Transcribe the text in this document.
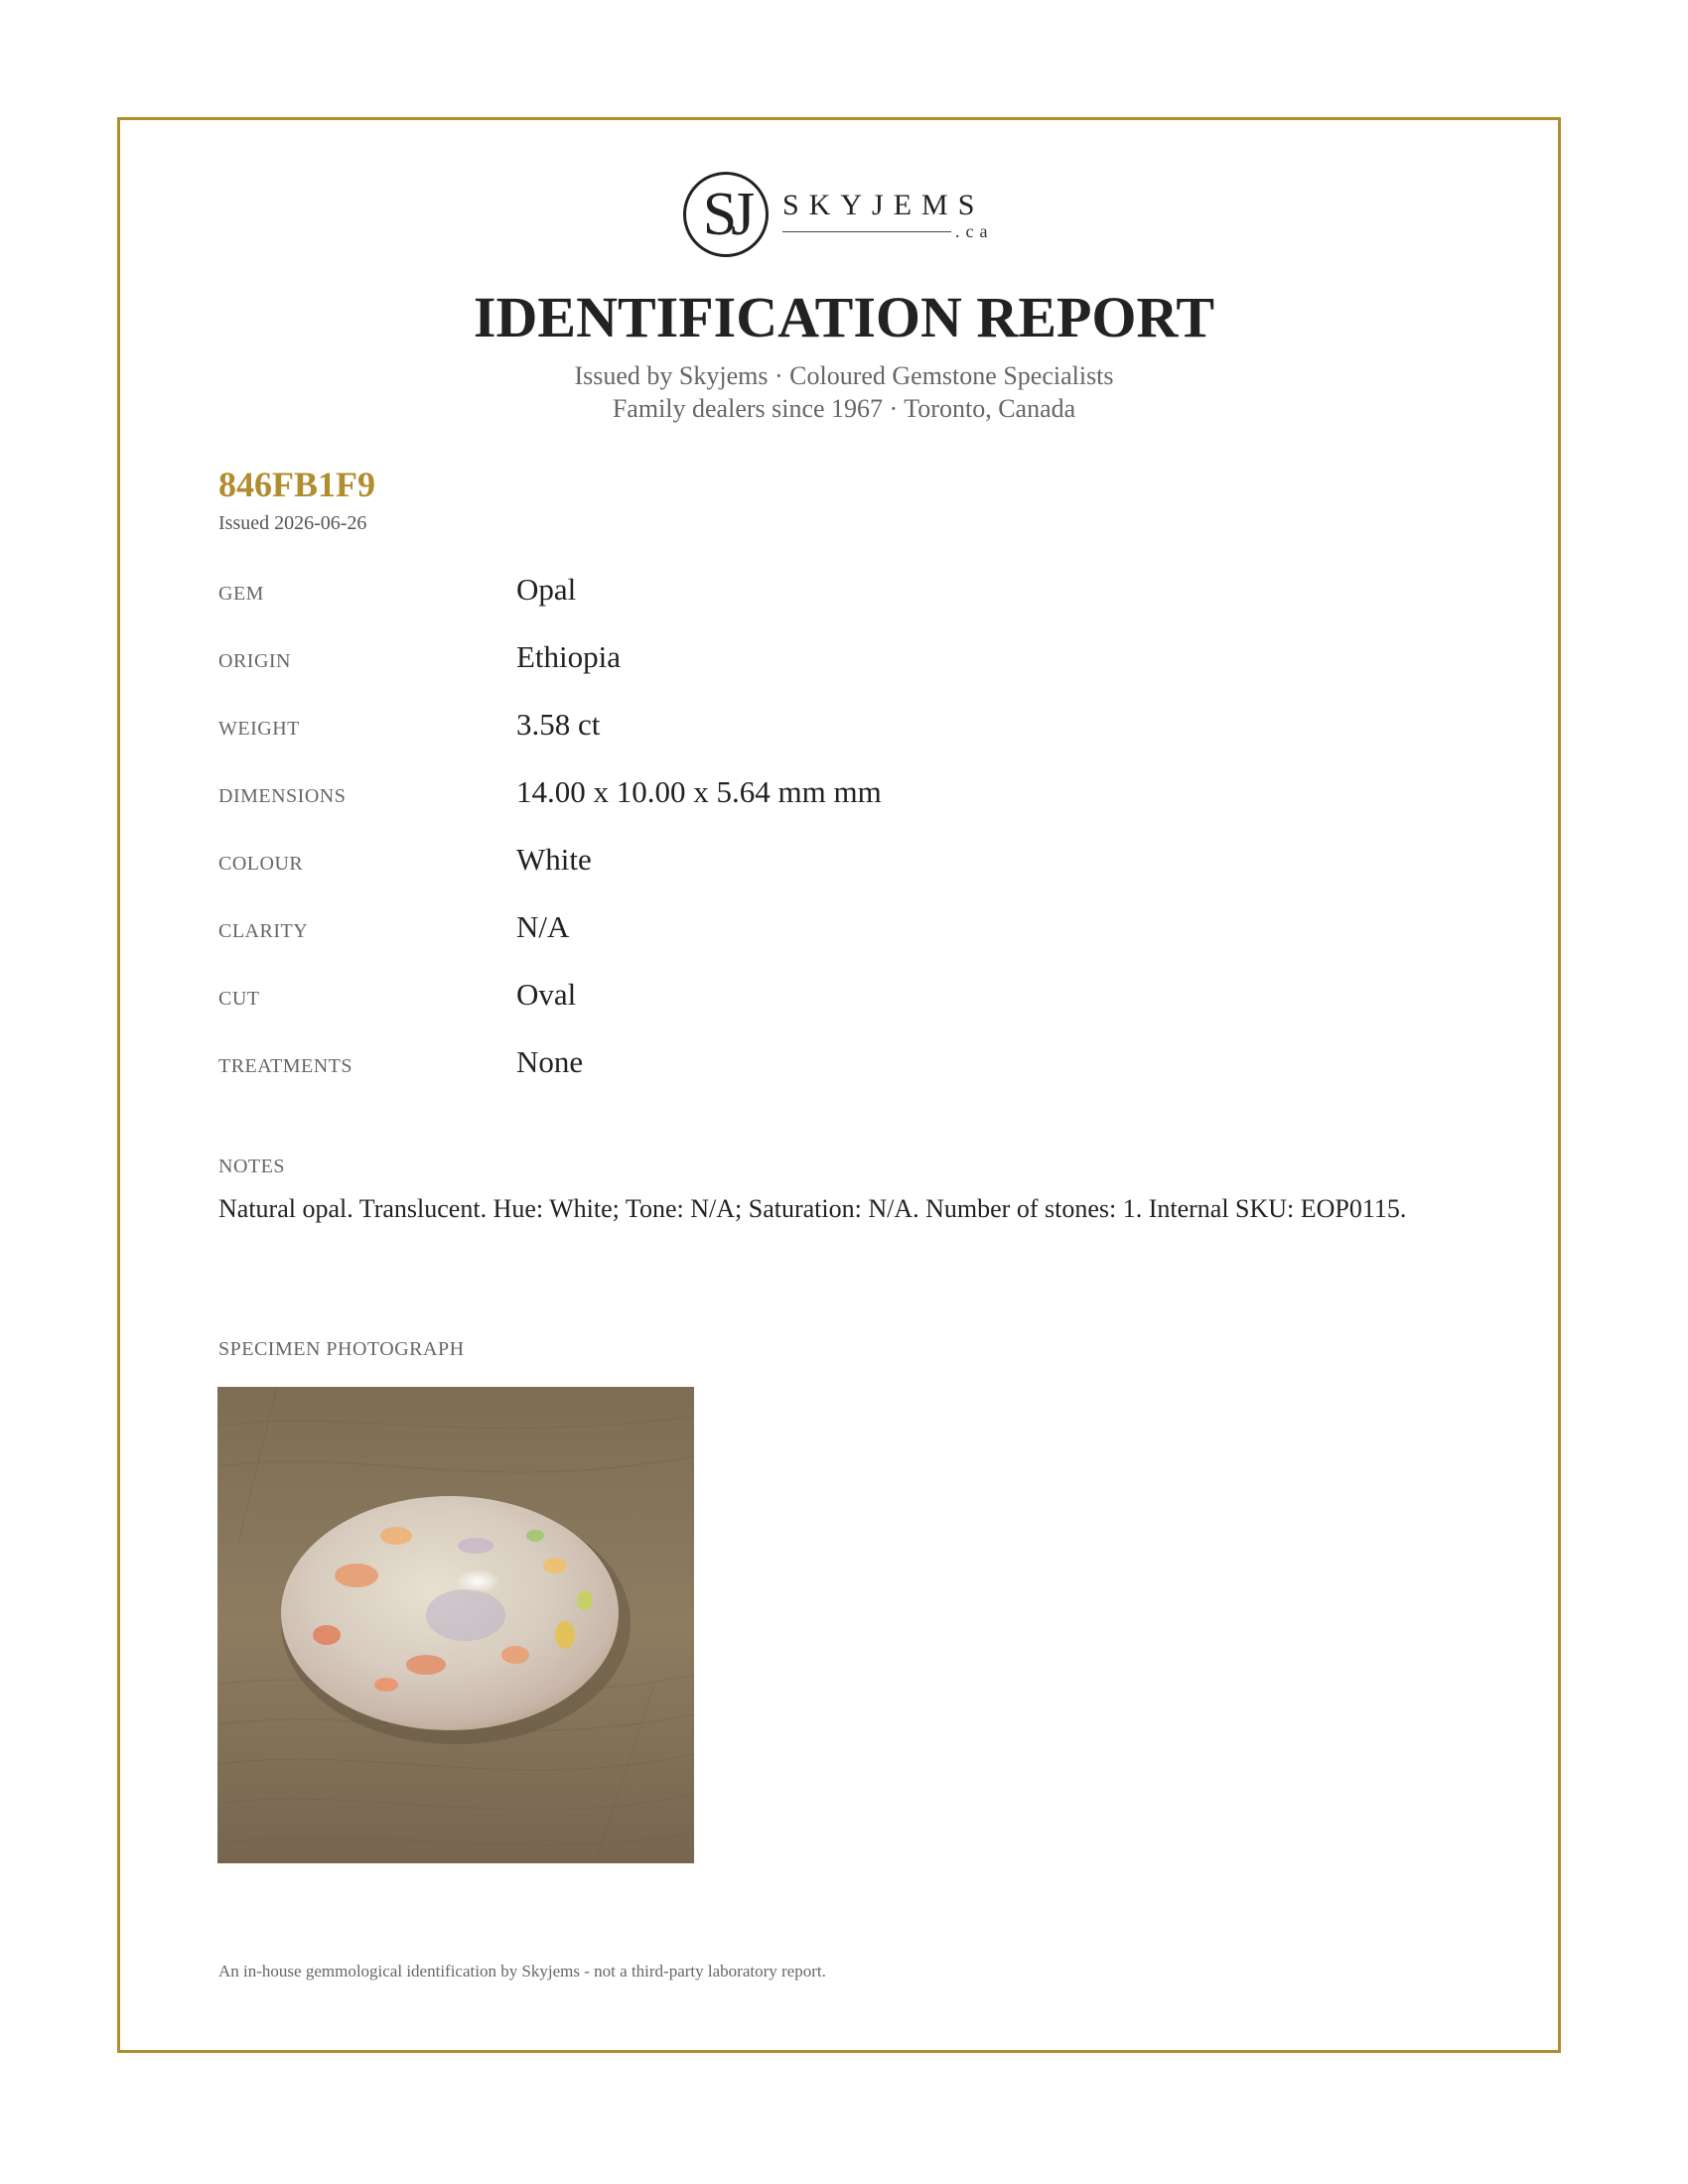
SJ	SKYJEMS
.ca
IDENTIFICATION REPORT
Issued by Skyjems · Coloured Gemstone Specialists
Family dealers since 1967 · Toronto, Canada
846FB1F9
Issued 2026-06-26
GEM	Opal
ORIGIN	Ethiopia
WEIGHT	3.58 ct
DIMENSIONS	14.00 x 10.00 x 5.64 mm mm
COLOUR	White
CLARITY	N/A
CUT	Oval
TREATMENTS	None
NOTES
Natural opal. Translucent. Hue: White; Tone: N/A; Saturation: N/A. Number of stones: 1. Internal SKU: EOP0115.
SPECIMEN PHOTOGRAPH
An in-house gemmological identification by Skyjems - not a third-party laboratory report.
